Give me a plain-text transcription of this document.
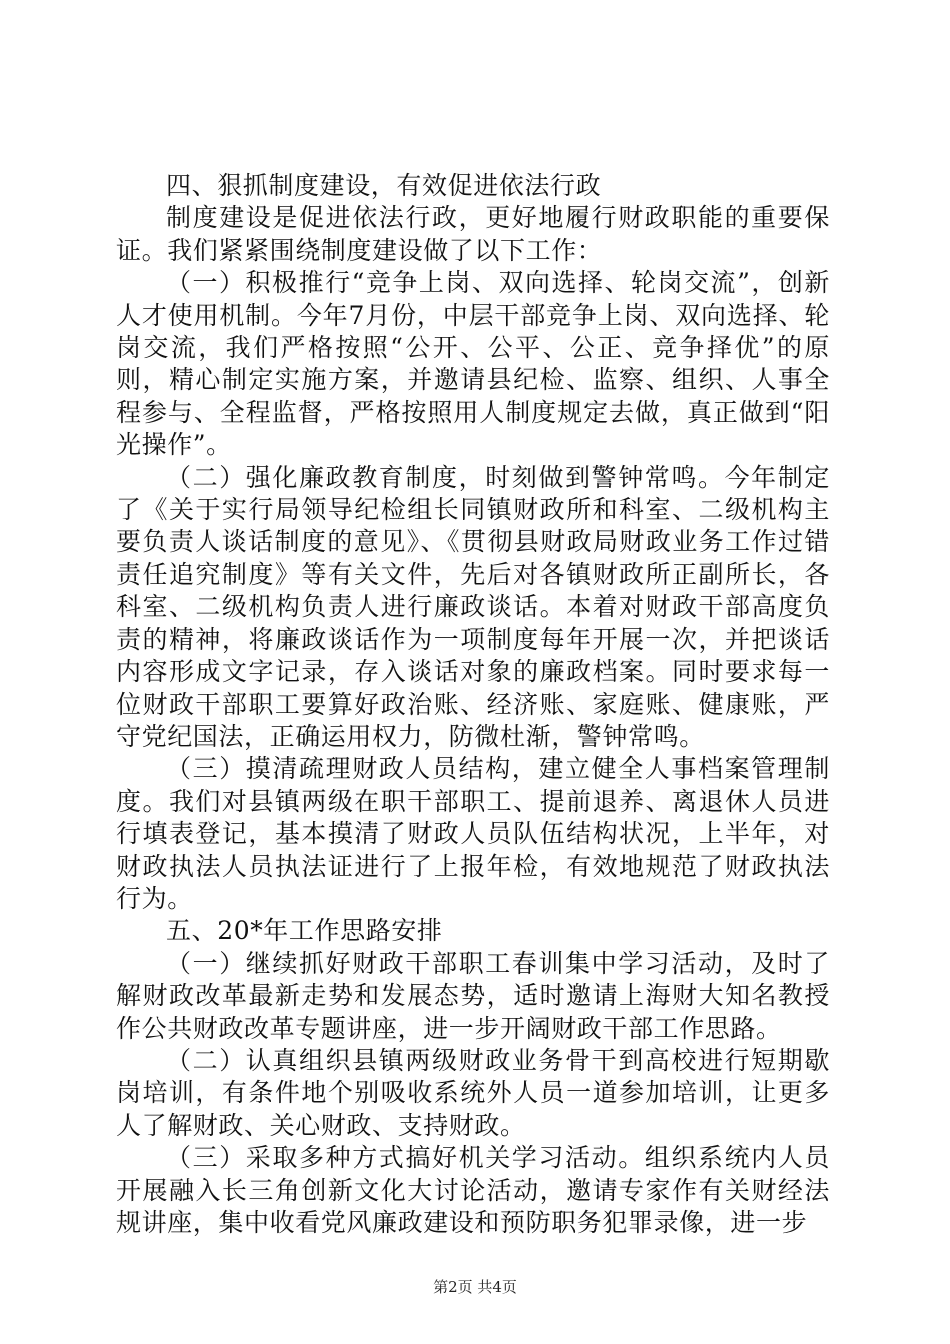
四、狠抓制度建设，有效促进依法行政

制度建设是促进依法行政，更好地履行财政职能的重要保证。我们紧紧围绕制度建设做了以下工作：

（一）积极推行“竞争上岗、双向选择、轮岗交流”，创新人才使用机制。今年7月份，中层干部竞争上岗、双向选择、轮岗交流，我们严格按照“公开、公平、公正、竞争择优”的原则，精心制定实施方案，并邀请县纪检、监察、组织、人事全程参与、全程监督，严格按照用人制度规定去做，真正做到“阳光操作”。

（二）强化廉政教育制度，时刻做到警钟常鸣。今年制定了《关于实行局领导纪检组长同镇财政所和科室、二级机构主要负责人谈话制度的意见》、《贯彻县财政局财政业务工作过错责任追究制度》等有关文件，先后对各镇财政所正副所长，各科室、二级机构负责人进行廉政谈话。本着对财政干部高度负责的精神，将廉政谈话作为一项制度每年开展一次，并把谈话内容形成文字记录，存入谈话对象的廉政档案。同时要求每一位财政干部职工要算好政治账、经济账、家庭账、健康账，严守党纪国法，正确运用权力，防微杜渐，警钟常鸣。

（三）摸清疏理财政人员结构，建立健全人事档案管理制度。我们对县镇两级在职干部职工、提前退养、离退休人员进行填表登记，基本摸清了财政人员队伍结构状况，上半年，对财政执法人员执法证进行了上报年检，有效地规范了财政执法行为。

五、20*年工作思路安排

（一）继续抓好财政干部职工春训集中学习活动，及时了解财政改革最新走势和发展态势，适时邀请上海财大知名教授作公共财政改革专题讲座，进一步开阔财政干部工作思路。

（二）认真组织县镇两级财政业务骨干到高校进行短期歇岗培训，有条件地个别吸收系统外人员一道参加培训，让更多人了解财政、关心财政、支持财政。

（三）采取多种方式搞好机关学习活动。组织系统内人员开展融入长三角创新文化大讨论活动，邀请专家作有关财经法规讲座，集中收看党风廉政建设和预防职务犯罪录像，进一步

第2页 共4页
